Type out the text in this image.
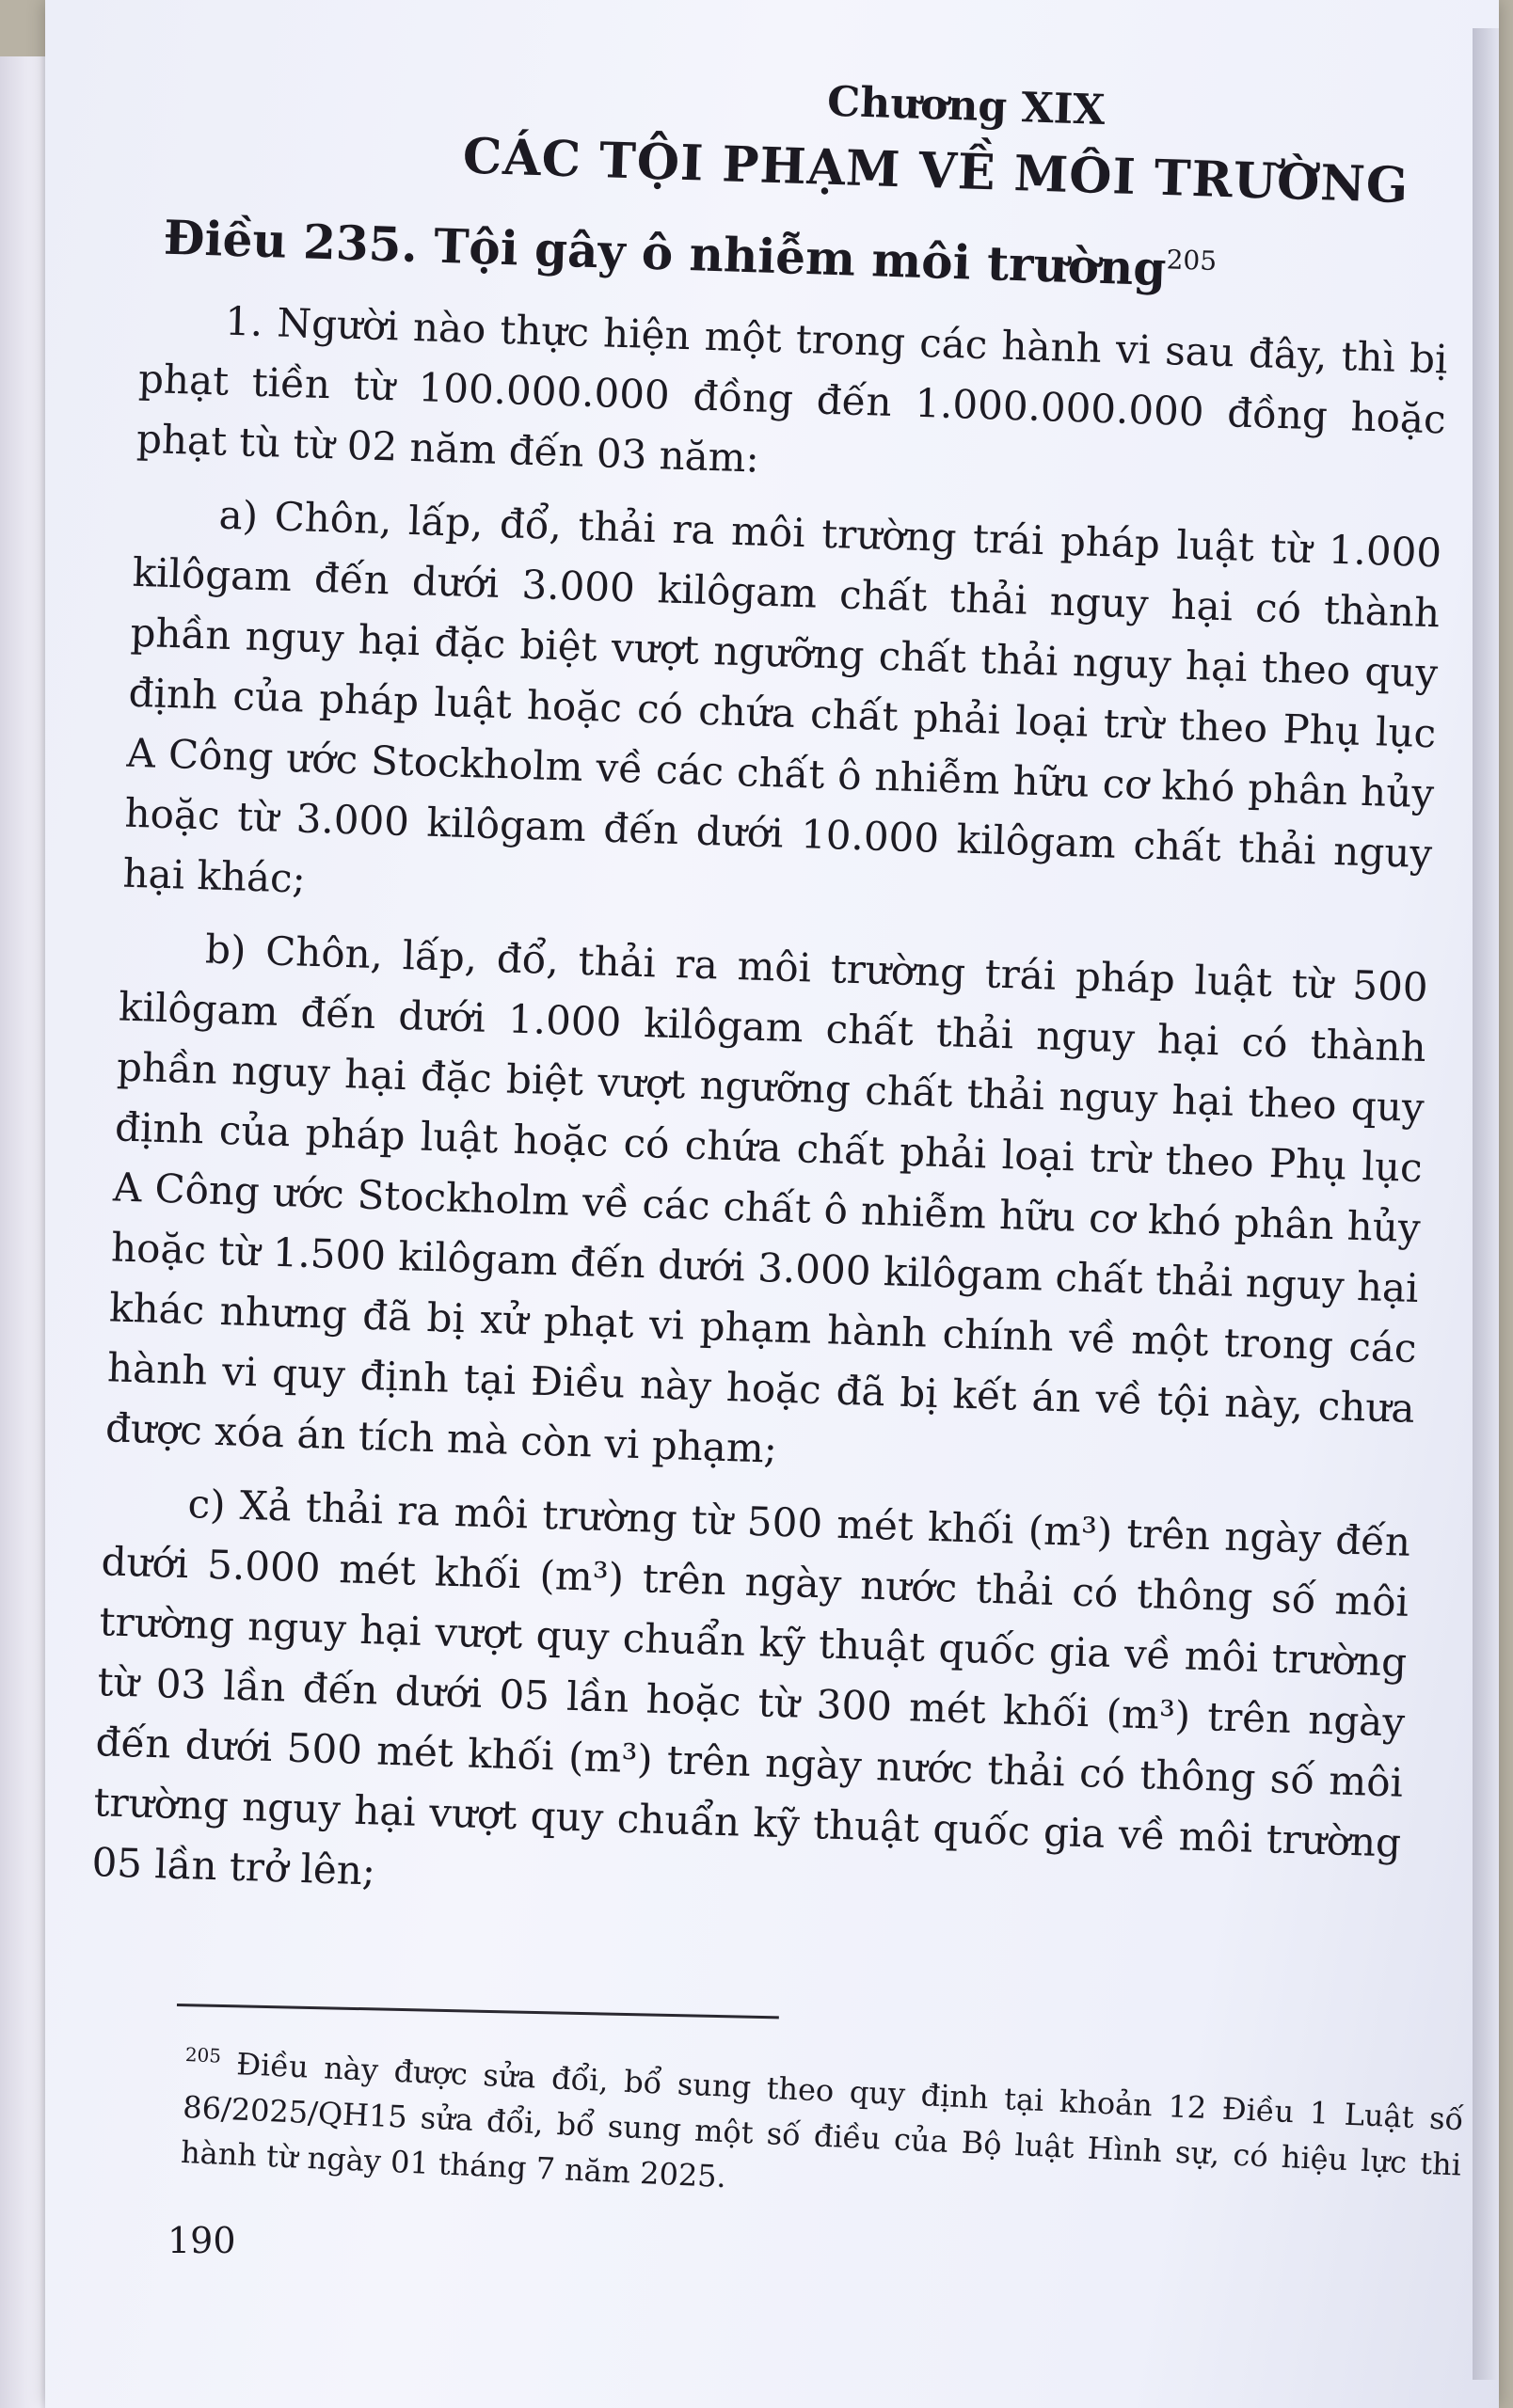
Chương XIX
CÁC TỘI PHẠM VỀ MÔI TRƯỜNG
Điều 235. Tội gây ô nhiễm môi trường$^{205}$

1. Người nào thực hiện một trong các hành vi sau đây, thì bị phạt tiền từ 100.000.000 đồng đến 1.000.000.000 đồng hoặc phạt tù từ 02 năm đến 03 năm:

a) Chôn, lấp, đổ, thải ra môi trường trái pháp luật từ 1.000 kilôgam đến dưới 3.000 kilôgam chất thải nguy hại có thành phần nguy hại đặc biệt vượt ngưỡng chất thải nguy hại theo quy định của pháp luật hoặc có chứa chất phải loại trừ theo Phụ lục A Công ước Stockholm về các chất ô nhiễm hữu cơ khó phân hủy hoặc từ 3.000 kilôgam đến dưới 10.000 kilôgam chất thải nguy hại khác;

b) Chôn, lấp, đổ, thải ra môi trường trái pháp luật từ 500 kilôgam đến dưới 1.000 kilôgam chất thải nguy hại có thành phần nguy hại đặc biệt vượt ngưỡng chất thải nguy hại theo quy định của pháp luật hoặc có chứa chất phải loại trừ theo Phụ lục A Công ước Stockholm về các chất ô nhiễm hữu cơ khó phân hủy hoặc từ 1.500 kilôgam đến dưới 3.000 kilôgam chất thải nguy hại khác nhưng đã bị xử phạt vi phạm hành chính về một trong các hành vi quy định tại Điều này hoặc đã bị kết án về tội này, chưa được xóa án tích mà còn vi phạm;

c) Xả thải ra môi trường từ 500 mét khối (m³) trên ngày đến dưới 5.000 mét khối (m³) trên ngày nước thải có thông số môi trường nguy hại vượt quy chuẩn kỹ thuật quốc gia về môi trường từ 03 lần đến dưới 05 lần hoặc từ 300 mét khối (m³) trên ngày đến dưới 500 mét khối (m³) trên ngày nước thải có thông số môi trường nguy hại vượt quy chuẩn kỹ thuật quốc gia về môi trường 05 lần trở lên;

$^{205}$ Điều này được sửa đổi, bổ sung theo quy định tại khoản 12 Điều 1 Luật số 86/2025/QH15 sửa đổi, bổ sung một số điều của Bộ luật Hình sự, có hiệu lực thi hành từ ngày 01 tháng 7 năm 2025.
190
